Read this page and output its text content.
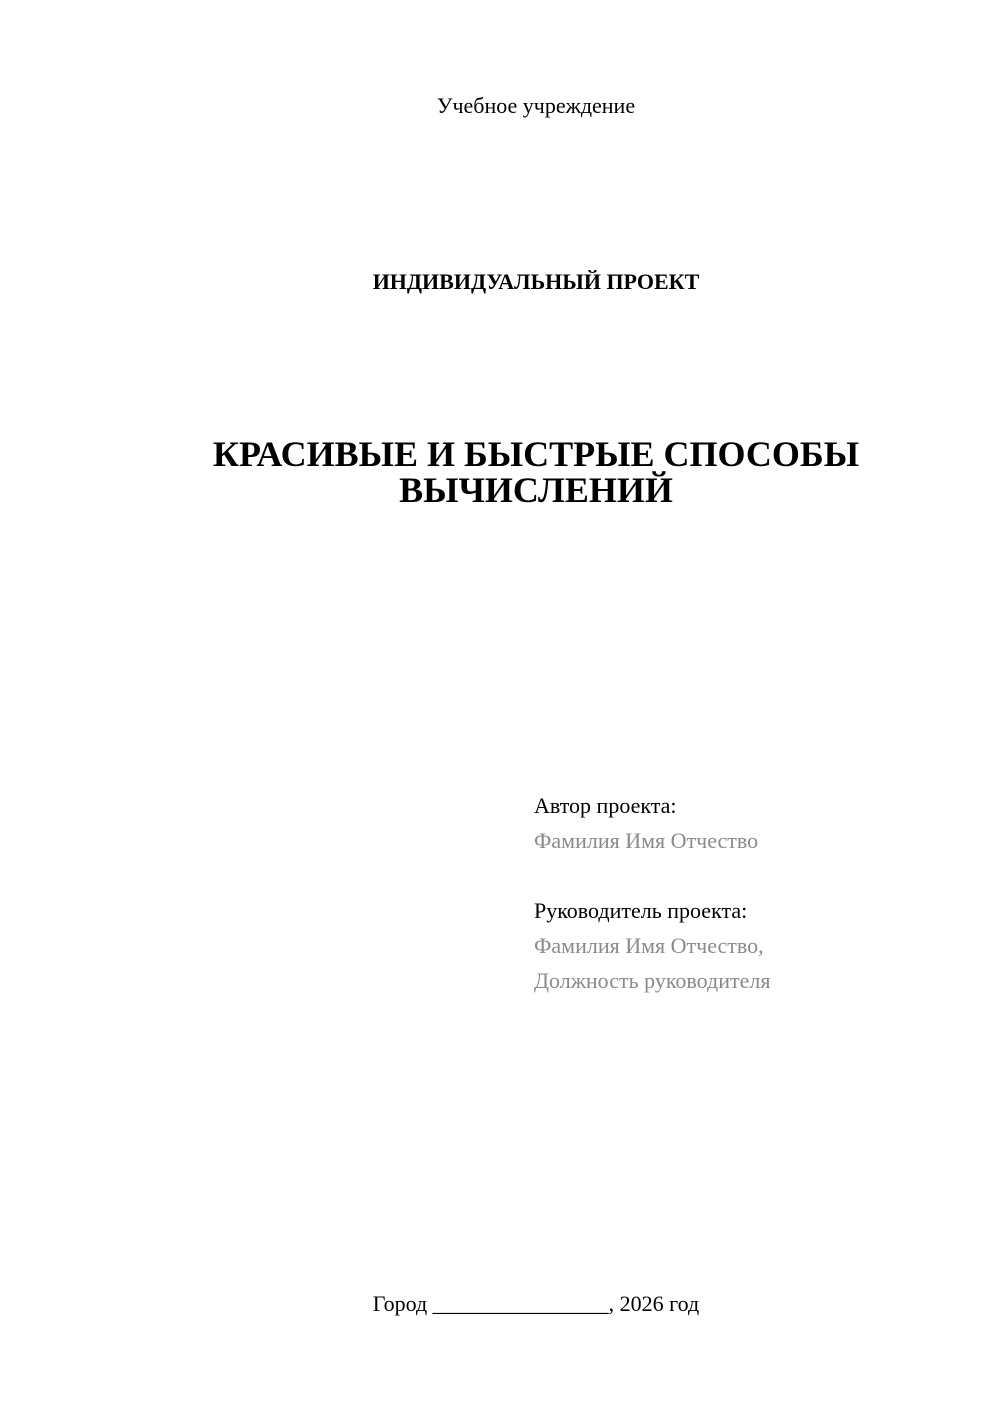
Учебное учреждение
ИНДИВИДУАЛЬНЫЙ ПРОЕКТ
КРАСИВЫЕ И БЫСТРЫЕ СПОСОБЫ
ВЫЧИСЛЕНИЙ
Автор проекта:
Фамилия Имя Отчество
Руководитель проекта:
Фамилия Имя Отчество,
Должность руководителя
Город ________________, 2026 год
